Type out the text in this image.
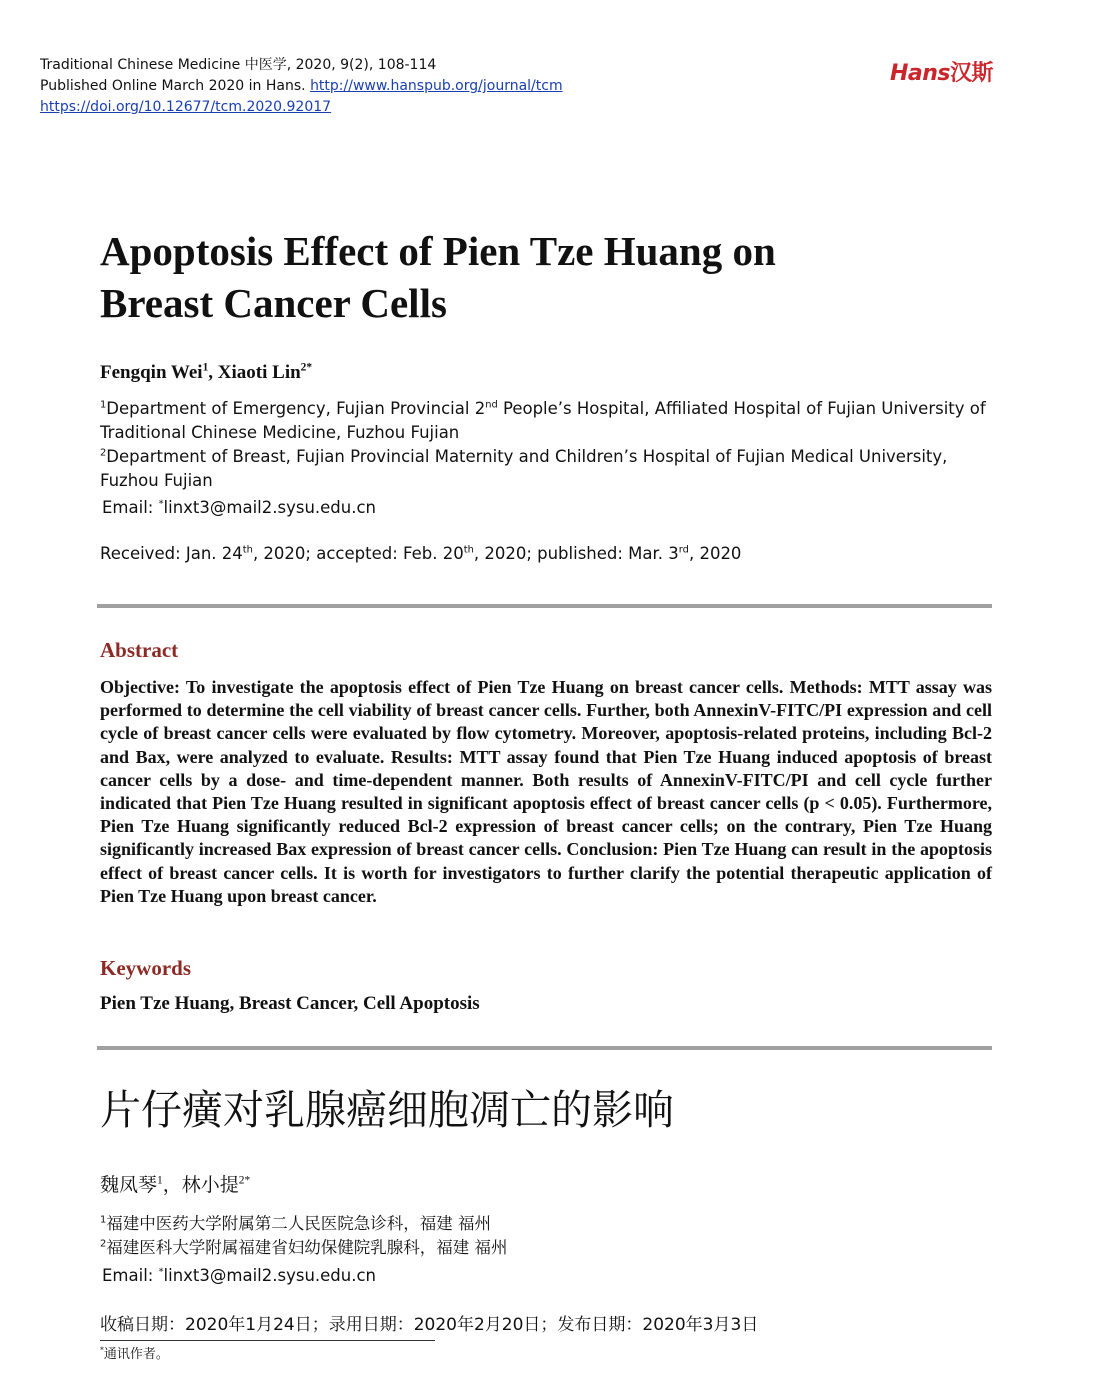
Traditional Chinese Medicine 中医学, 2020, 9(2), 108-114
Published Online March 2020 in Hans. http://www.hanspub.org/journal/tcm
https://doi.org/10.12677/tcm.2020.92017
Hans汉斯
Apoptosis Effect of Pien Tze Huang on
Breast Cancer Cells
Fengqin Wei$^1$, Xiaoti Lin$^{2*}$
$^1$Department of Emergency, Fujian Provincial 2nd People’s Hospital, Affiliated Hospital of Fujian University of Traditional Chinese Medicine, Fuzhou Fujian
$^2$Department of Breast, Fujian Provincial Maternity and Children’s Hospital of Fujian Medical University, Fuzhou Fujian
Email: *linxt3@mail2.sysu.edu.cn
Received: Jan. 24th, 2020; accepted: Feb. 20th, 2020; published: Mar. 3rd, 2020
Abstract
Objective: To investigate the apoptosis effect of Pien Tze Huang on breast cancer cells. Methods: MTT assay was performed to determine the cell viability of breast cancer cells. Further, both AnnexinV-FITC/PI expression and cell cycle of breast cancer cells were evaluated by flow cytometry. Moreover, apoptosis-related proteins, including Bcl-2 and Bax, were analyzed to evaluate. Results: MTT assay found that Pien Tze Huang induced apoptosis of breast cancer cells by a dose- and time-dependent manner. Both results of AnnexinV-FITC/PI and cell cycle further indicated that Pien Tze Huang resulted in significant apoptosis effect of breast cancer cells (p < 0.05). Furthermore, Pien Tze Huang significantly reduced Bcl-2 expression of breast cancer cells; on the contrary, Pien Tze Huang significantly increased Bax expression of breast cancer cells. Conclusion: Pien Tze Huang can result in the apoptosis effect of breast cancer cells. It is worth for investigators to further clarify the potential therapeutic application of Pien Tze Huang upon breast cancer.
Keywords
Pien Tze Huang, Breast Cancer, Cell Apoptosis
片仔癀对乳腺癌细胞凋亡的影响
魏凤琴$^1$，林小提$^{2*}$
$^1$福建中医药大学附属第二人民医院急诊科，福建 福州
$^2$福建医科大学附属福建省妇幼保健院乳腺科，福建 福州
Email: *linxt3@mail2.sysu.edu.cn
收稿日期：2020年1月24日；录用日期：2020年2月20日；发布日期：2020年3月3日
*通讯作者。
